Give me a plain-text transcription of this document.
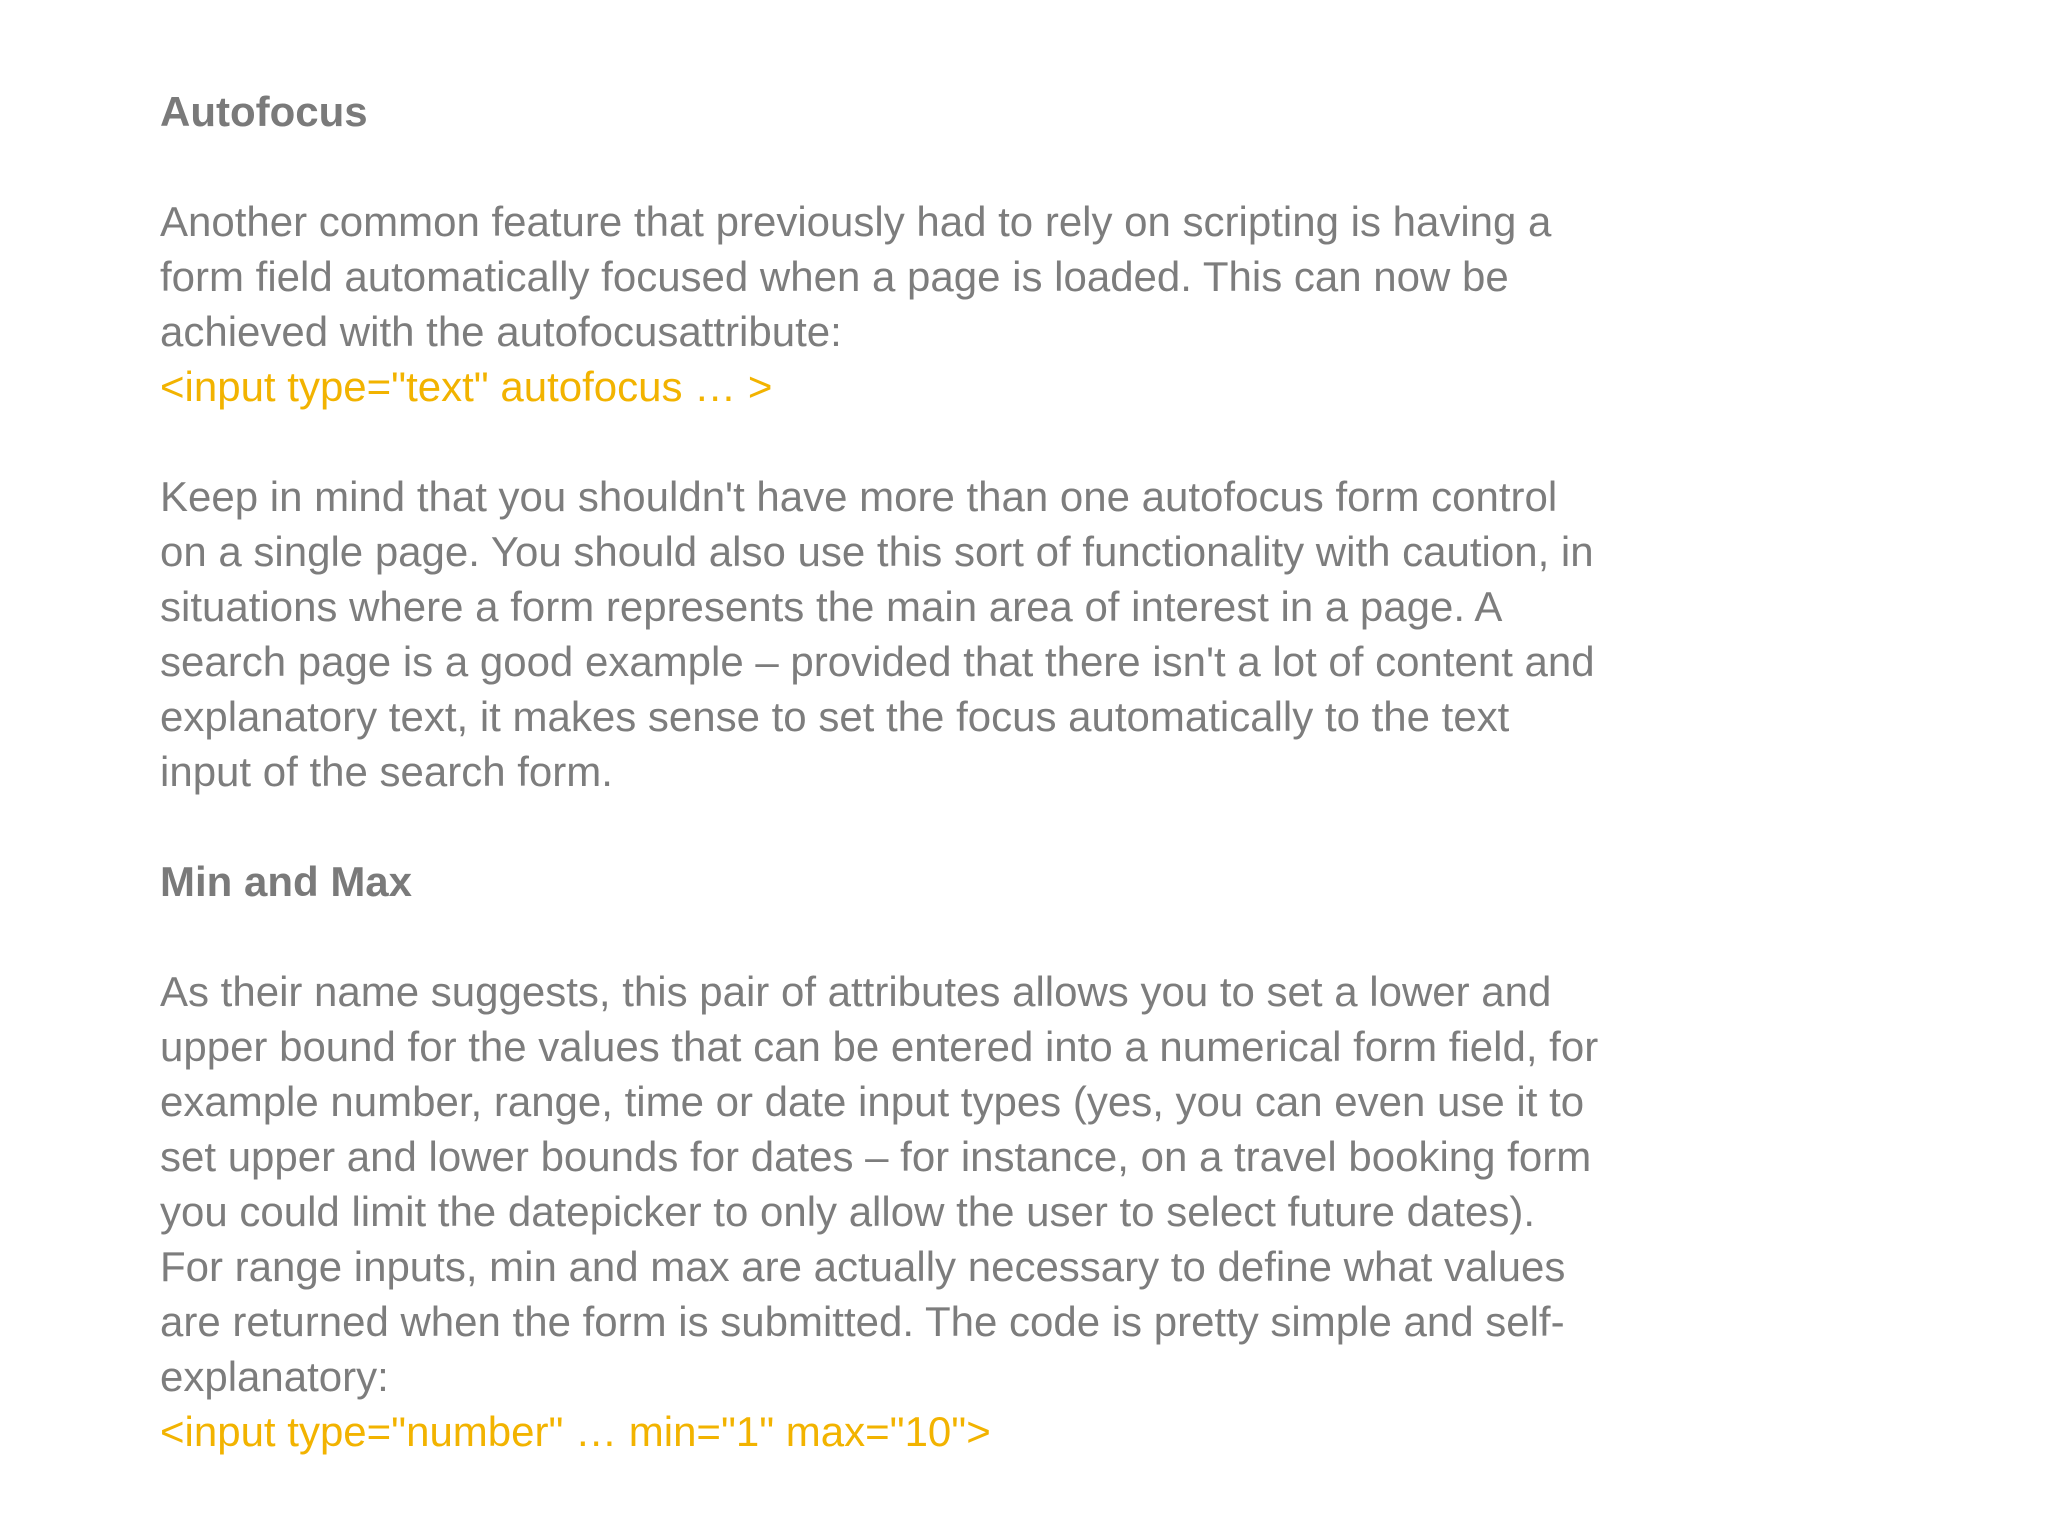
Autofocus
Another common feature that previously had to rely on scripting is having a
form field automatically focused when a page is loaded. This can now be
achieved with the autofocusattribute:
<input type="text" autofocus … >
Keep in mind that you shouldn't have more than one autofocus form control
on a single page. You should also use this sort of functionality with caution, in
situations where a form represents the main area of interest in a page. A
search page is a good example – provided that there isn't a lot of content and
explanatory text, it makes sense to set the focus automatically to the text
input of the search form.
Min and Max
As their name suggests, this pair of attributes allows you to set a lower and
upper bound for the values that can be entered into a numerical form field, for
example number, range, time or date input types (yes, you can even use it to
set upper and lower bounds for dates – for instance, on a travel booking form
you could limit the datepicker to only allow the user to select future dates).
For range inputs, min and max are actually necessary to define what values
are returned when the form is submitted. The code is pretty simple and self-
explanatory:
<input type="number" … min="1" max="10">
